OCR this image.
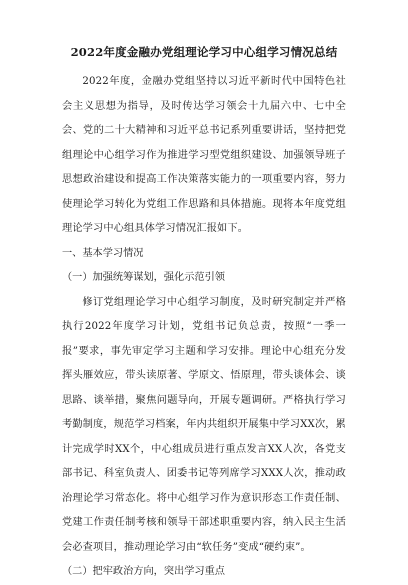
2022年度金融办党组理论学习中心组学习情况总结

2022年度，金融办党组坚持以习近平新时代中国特色社会主义思想为指导，及时传达学习领会十九届六中、七中全会、党的二十大精神和习近平总书记系列重要讲话，坚持把党组理论中心组学习作为推进学习型党组织建设、加强领导班子思想政治建设和提高工作决策落实能力的一项重要内容，努力使理论学习转化为党组工作思路和具体措施。现将本年度党组理论学习中心组具体学习情况汇报如下。

一、基本学习情况

（一）加强统筹谋划，强化示范引领

修订党组理论学习中心组学习制度，及时研究制定并严格执行2022年度学习计划，党组书记负总责，按照“一季一报”要求，事先审定学习主题和学习安排。理论中心组充分发挥头雁效应，带头读原著、学原文、悟原理，带头谈体会、谈思路、谈举措，聚焦问题导向，开展专题调研。严格执行学习考勤制度，规范学习档案，年内共组织开展集中学习XX次，累计完成学时XX个，中心组成员进行重点发言XX人次，各党支部书记、科室负责人、团委书记等列席学习XXX人次，推动政治理论学习常态化。将中心组学习作为意识形态工作责任制、党建工作责任制考核和领导干部述职重要内容，纳入民主生活会必查项目，推动理论学习由“软任务”变成“硬约束”。

（二）把牢政治方向，突出学习重点
